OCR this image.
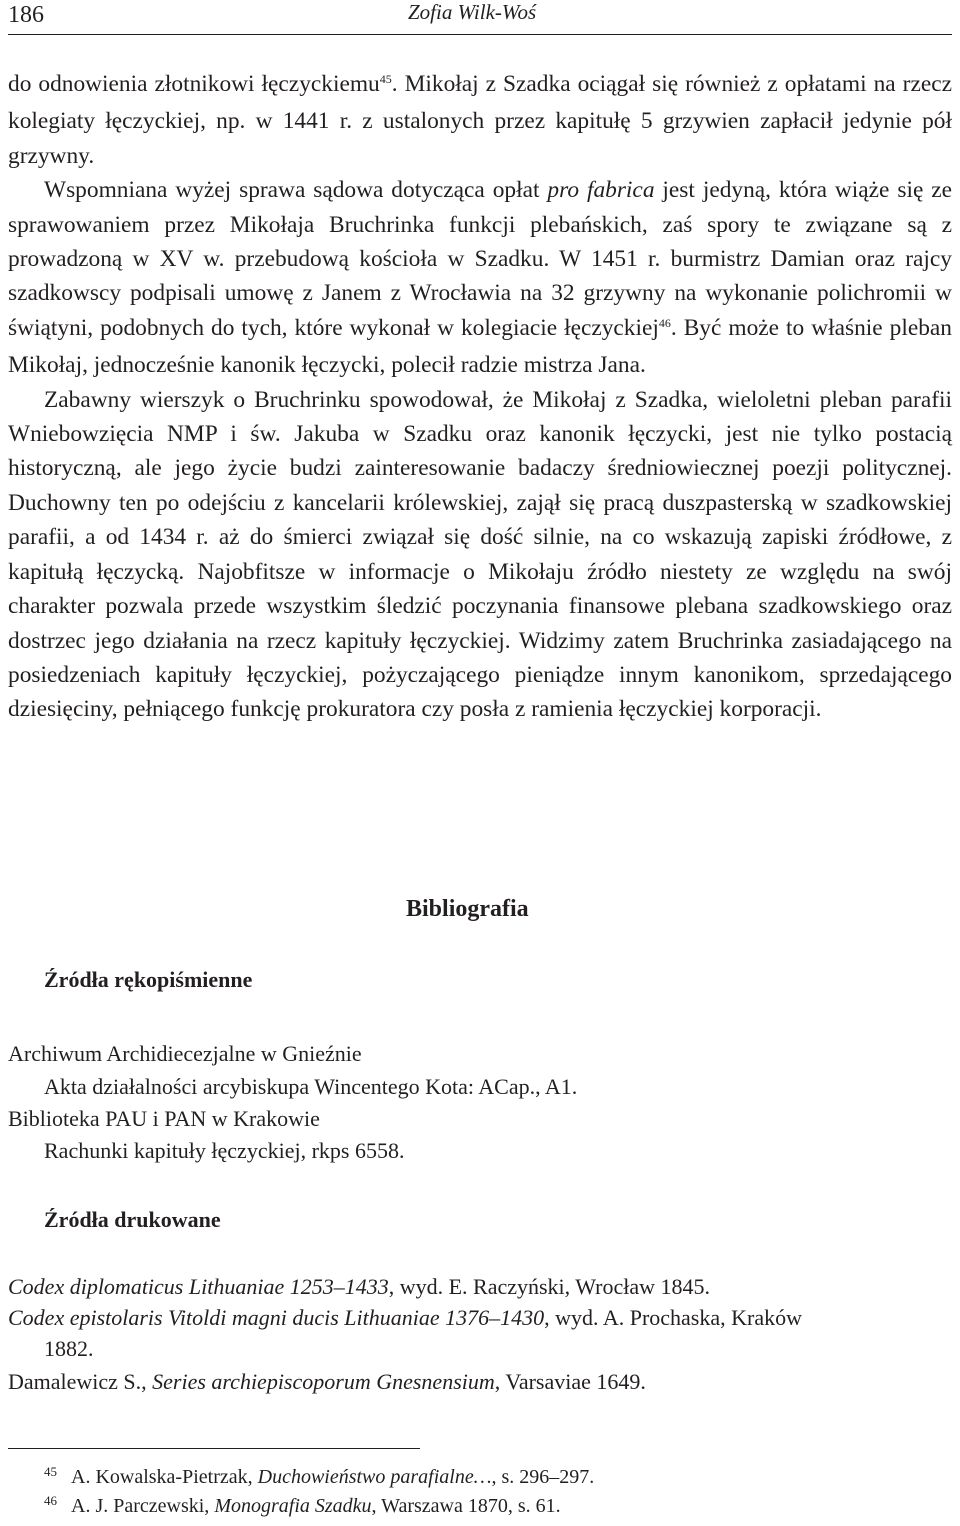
186	Zofia Wilk-Woś

do odnowienia złotnikowi łęczyckiemu$^{45}$. Mikołaj z Szadka ociągał się również z opłatami na rzecz kolegiaty łęczyckiej, np. w 1441 r. z ustalonych przez kapitułę 5 grzywien zapłacił jedynie pół grzywny.

Wspomniana wyżej sprawa sądowa dotycząca opłat pro fabrica jest jedyną, która wiąże się ze sprawowaniem przez Mikołaja Bruchrinka funkcji plebańskich, zaś spory te związane są z prowadzoną w XV w. przebudową kościoła w Szadku. W 1451 r. burmistrz Damian oraz rajcy szadkowscy podpisali umowę z Janem z Wrocławia na 32 grzywny na wykonanie polichromii w świątyni, podobnych do tych, które wykonał w kolegiacie łęczyckiej$^{46}$. Być może to właśnie pleban Mikołaj, jednocześnie kanonik łęczycki, polecił radzie mistrza Jana.

Zabawny wierszyk o Bruchrinku spowodował, że Mikołaj z Szadka, wieloletni pleban parafii Wniebowzięcia NMP i św. Jakuba w Szadku oraz kanonik łęczycki, jest nie tylko postacią historyczną, ale jego życie budzi zainteresowanie badaczy średniowiecznej poezji politycznej. Duchowny ten po odejściu z kancelarii królewskiej, zajął się pracą duszpasterską w szadkowskiej parafii, a od 1434 r. aż do śmierci związał się dość silnie, na co wskazują zapiski źródłowe, z kapitułą łęczycką. Najobfitsze w informacje o Mikołaju źródło niestety ze względu na swój charakter pozwala przede wszystkim śledzić poczynania finansowe plebana szadkowskiego oraz dostrzec jego działania na rzecz kapituły łęczyckiej. Widzimy zatem Bruchrinka zasiadającego na posiedzeniach kapituły łęczyckiej, pożyczającego pieniądze innym kanonikom, sprzedającego dziesięciny, pełniącego funkcję prokuratora czy posła z ramienia łęczyckiej korporacji.

Bibliografia
Źródła rękopiśmienne
Archiwum Archidiecezjalne w Gnieźnie
Akta działalności arcybiskupa Wincentego Kota: ACap., A1.
Biblioteka PAU i PAN w Krakowie
Rachunki kapituły łęczyckiej, rkps 6558.
Źródła drukowane
Codex diplomaticus Lithuaniae 1253–1433, wyd. E. Raczyński, Wrocław 1845.
Codex epistolaris Vitoldi magni ducis Lithuaniae 1376–1430, wyd. A. Prochaska, Kraków
1882.
Damalewicz S., Series archiepiscoporum Gnesnensium, Varsaviae 1649.
$^{45}$ A. Kowalska-Pietrzak, Duchowieństwo parafialne…, s. 296–297.
$^{46}$ A. J. Parczewski, Monografia Szadku, Warszawa 1870, s. 61.
